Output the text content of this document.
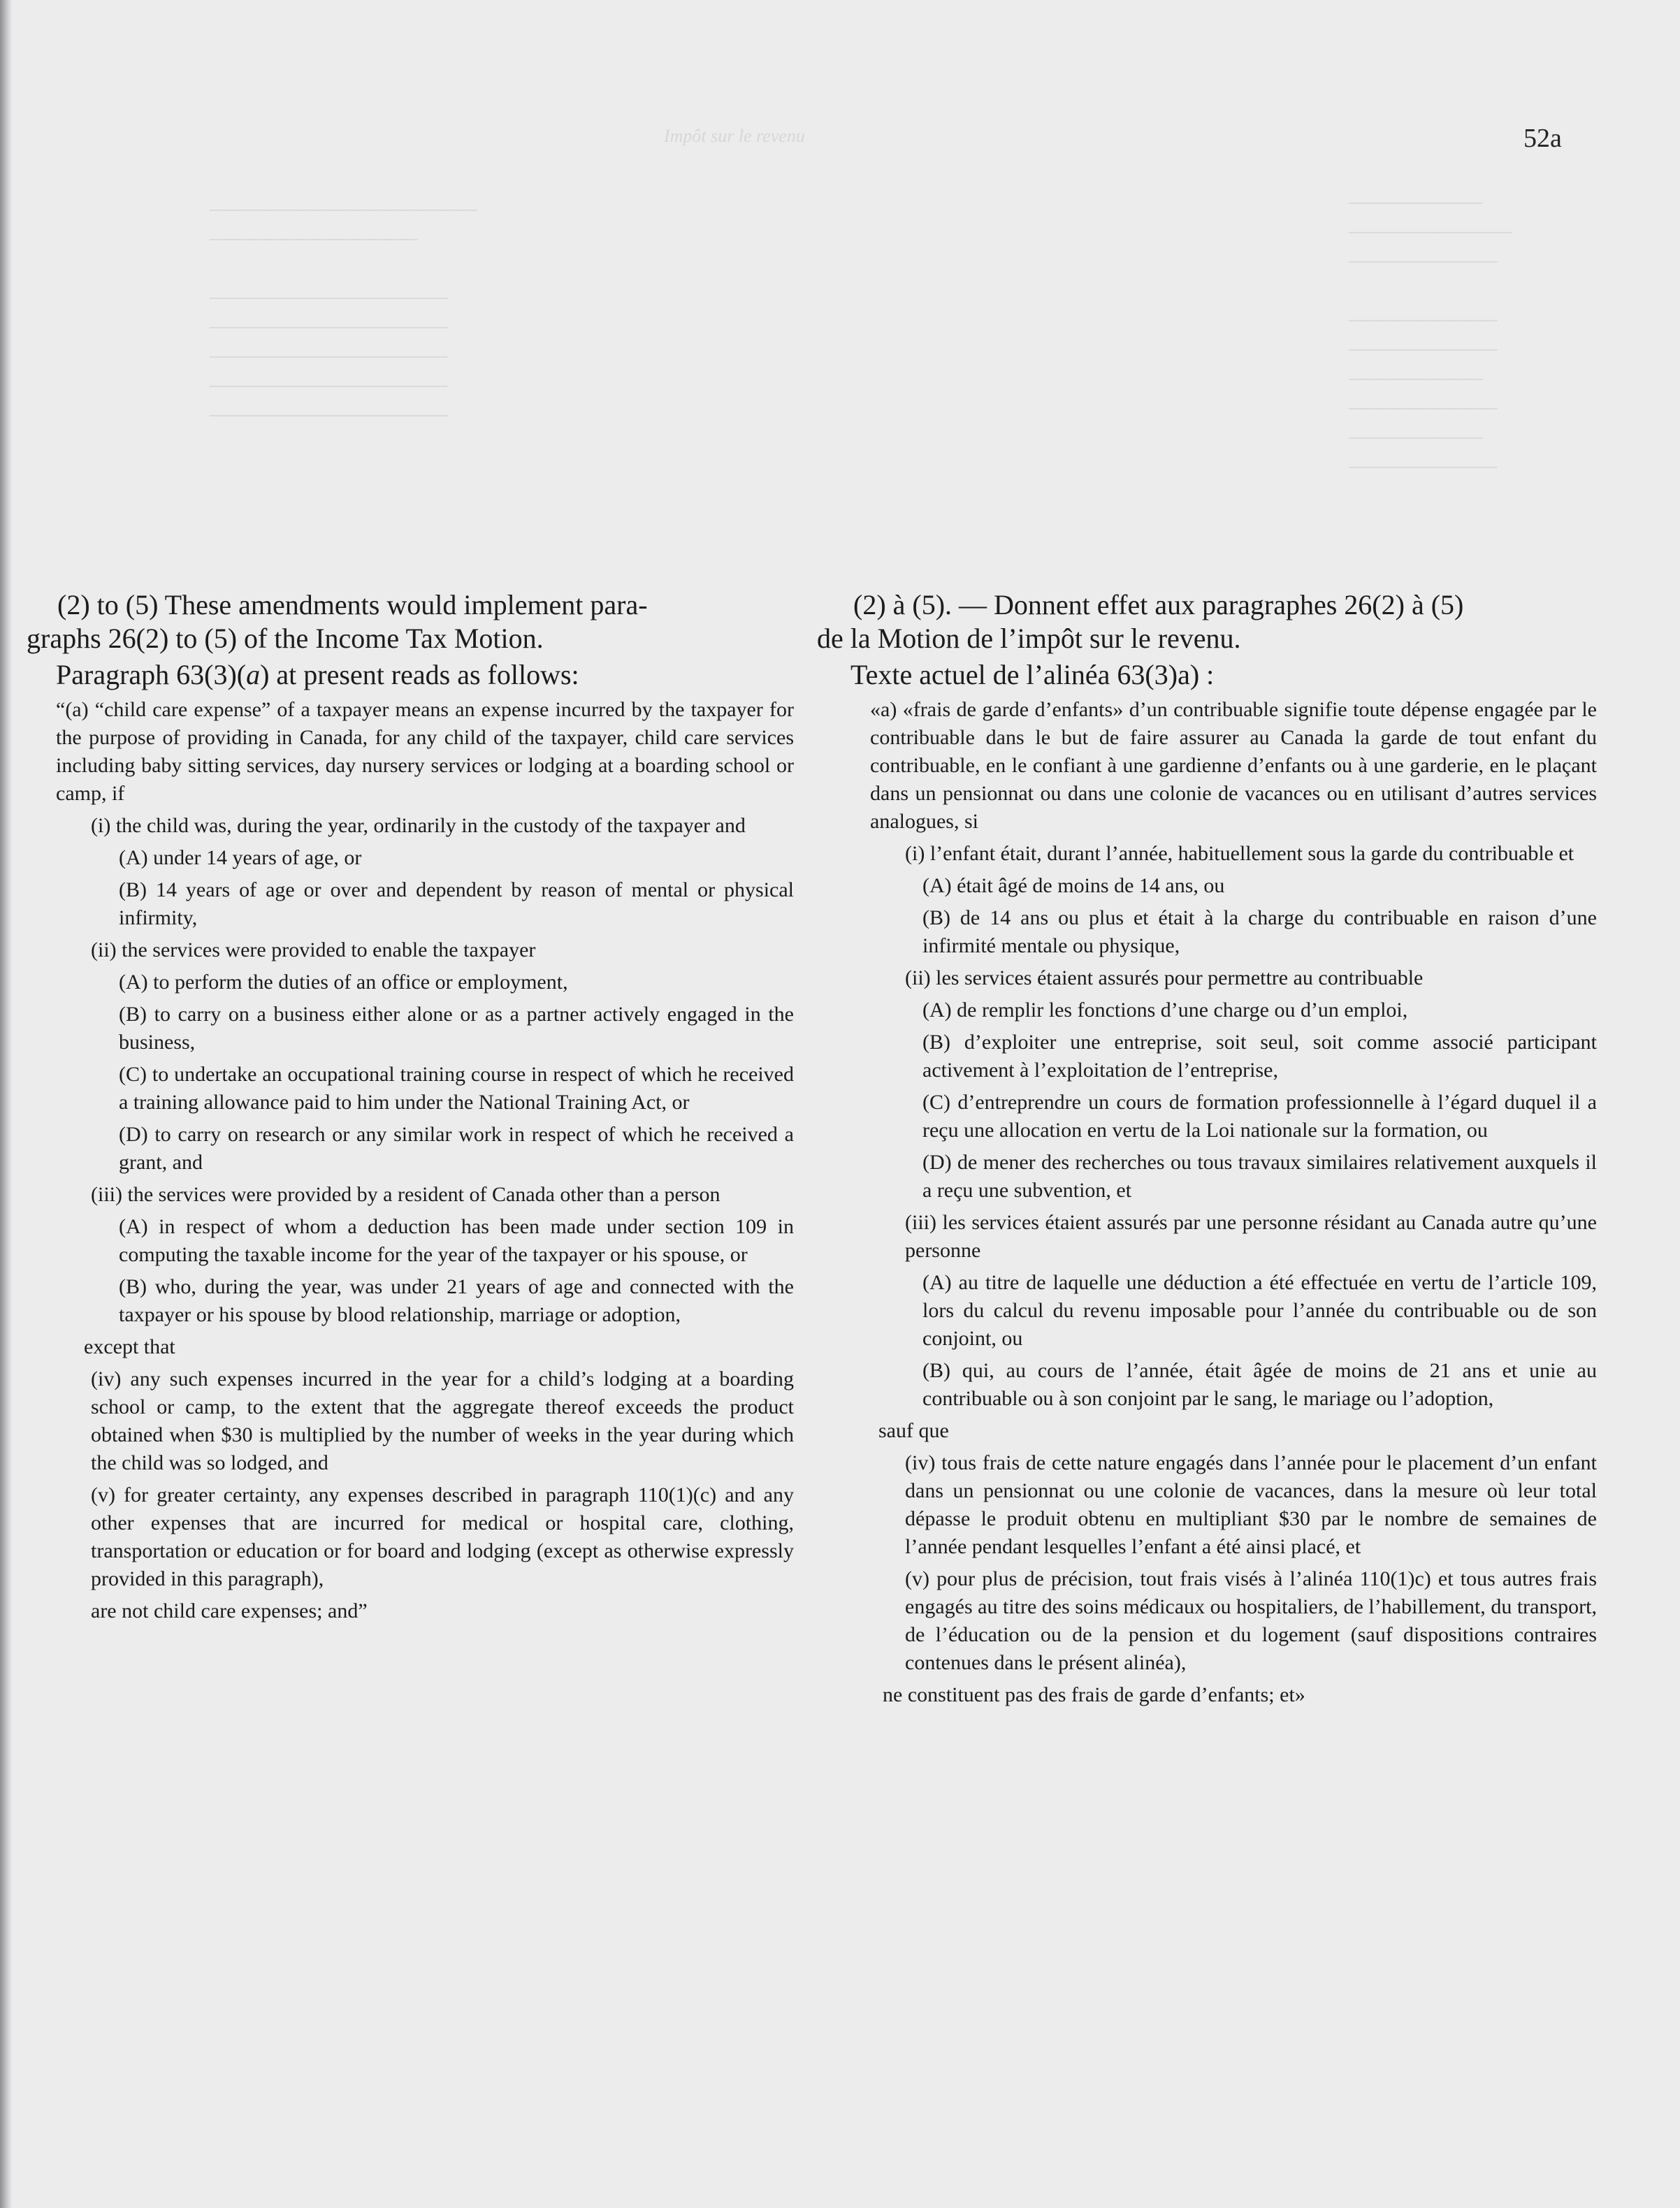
─────────
───────────
──────────

──────────
──────────
─────────
──────────
─────────
──────────
──────────────────
──────────────

────────────────
────────────────
────────────────
────────────────
────────────────
Impôt sur le revenu	52a

(2) to (5) These amendments would implement para-

graphs 26(2) to (5) of the Income Tax Motion.

Paragraph 63(3)(a) at present reads as follows:

“(a) “child care expense” of a taxpayer means an expense incurred by the taxpayer for the purpose of providing in Canada, for any child of the taxpayer, child care services including baby sitting services, day nursery services or lodging at a boarding school or camp, if

(i) the child was, during the year, ordinarily in the custody of the taxpayer and

(A) under 14 years of age, or

(B) 14 years of age or over and dependent by reason of mental or physical infirmity,

(ii) the services were provided to enable the taxpayer

(A) to perform the duties of an office or employment,

(B) to carry on a business either alone or as a partner actively engaged in the business,

(C) to undertake an occupational training course in respect of which he received a training allowance paid to him under the National Training Act, or

(D) to carry on research or any similar work in respect of which he received a grant, and

(iii) the services were provided by a resident of Canada other than a person

(A) in respect of whom a deduction has been made under section 109 in computing the taxable income for the year of the taxpayer or his spouse, or

(B) who, during the year, was under 21 years of age and connected with the taxpayer or his spouse by blood relationship, marriage or adoption,

except that

(iv) any such expenses incurred in the year for a child’s lodging at a boarding school or camp, to the extent that the aggregate thereof exceeds the product obtained when $30 is multiplied by the number of weeks in the year during which the child was so lodged, and

(v) for greater certainty, any expenses described in paragraph 110(1)(c) and any other expenses that are incurred for medical or hospital care, clothing, transportation or education or for board and lodging (except as otherwise expressly provided in this paragraph),

are not child care expenses; and”

(2) à (5). — Donnent effet aux paragraphes 26(2) à (5)

de la Motion de l’impôt sur le revenu.

Texte actuel de l’alinéa 63(3)a) :

«a) «frais de garde d’enfants» d’un contribuable signifie toute dépense engagée par le contribuable dans le but de faire assurer au Canada la garde de tout enfant du contribuable, en le confiant à une gardienne d’enfants ou à une garderie, en le plaçant dans un pensionnat ou dans une colonie de vacances ou en utilisant d’autres services analogues, si

(i) l’enfant était, durant l’année, habituellement sous la garde du contribuable et

(A) était âgé de moins de 14 ans, ou

(B) de 14 ans ou plus et était à la charge du contribuable en raison d’une infirmité mentale ou physique,

(ii) les services étaient assurés pour permettre au contribuable

(A) de remplir les fonctions d’une charge ou d’un emploi,

(B) d’exploiter une entreprise, soit seul, soit comme associé participant activement à l’exploitation de l’entreprise,

(C) d’entreprendre un cours de formation professionnelle à l’égard duquel il a reçu une allocation en vertu de la Loi nationale sur la formation, ou

(D) de mener des recherches ou tous travaux similaires relativement auxquels il a reçu une subvention, et

(iii) les services étaient assurés par une personne résidant au Canada autre qu’une personne

(A) au titre de laquelle une déduction a été effectuée en vertu de l’article 109, lors du calcul du revenu imposable pour l’année du contribuable ou de son conjoint, ou

(B) qui, au cours de l’année, était âgée de moins de 21 ans et unie au contribuable ou à son conjoint par le sang, le mariage ou l’adoption,

sauf que

(iv) tous frais de cette nature engagés dans l’année pour le placement d’un enfant dans un pensionnat ou une colonie de vacances, dans la mesure où leur total dépasse le produit obtenu en multipliant $30 par le nombre de semaines de l’année pendant lesquelles l’enfant a été ainsi placé, et

(v) pour plus de précision, tout frais visés à l’alinéa 110(1)c) et tous autres frais engagés au titre des soins médicaux ou hospitaliers, de l’habillement, du transport, de l’éducation ou de la pension et du logement (sauf dispositions contraires contenues dans le présent alinéa),

ne constituent pas des frais de garde d’enfants; et»
